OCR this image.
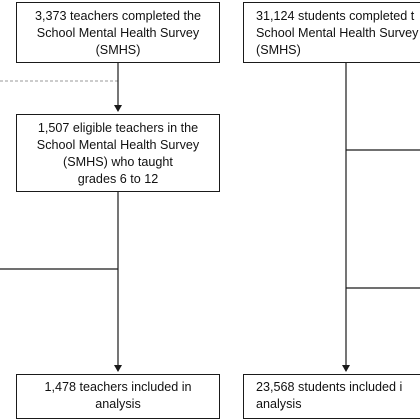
3,373 teachers completed the
School Mental Health Survey
(SMHS)
1,507 eligible teachers in the
School Mental Health Survey
(SMHS) who taught
grades 6 to 12
1,478 teachers included in
analysis
31,124 students completed t
School Mental Health Survey
(SMHS)
23,568 students included i
analysis
